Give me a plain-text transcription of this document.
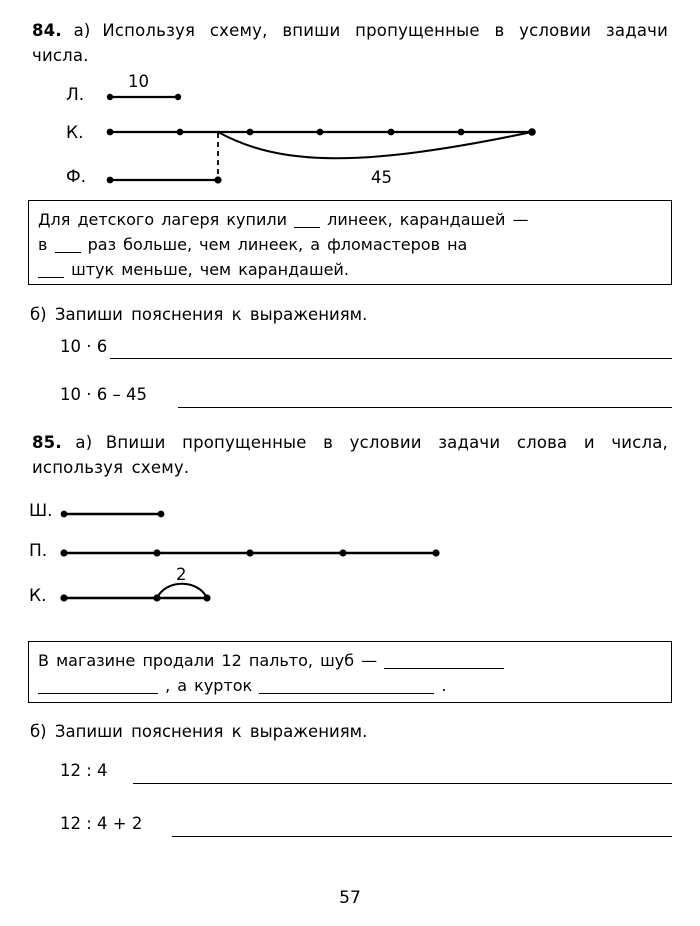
84. а) Используя схему, впиши пропущенные в условии задачи числа.
Л.
К.
Ф.
10
45
Для детского лагеря купили	линеек, карандашей —
в	раз больше, чем линеек, а фломастеров на
штук меньше, чем карандашей.
б) Запиши пояснения к выражениям.
10 · 6
10 · 6 – 45
85. а) Впиши пропущенные в условии задачи слова и числа, используя схему.
Ш.
П.
К.
2
В магазине продали 12 пальто, шуб —
, а курток	.
б) Запиши пояснения к выражениям.
12 : 4
12 : 4 + 2
57
